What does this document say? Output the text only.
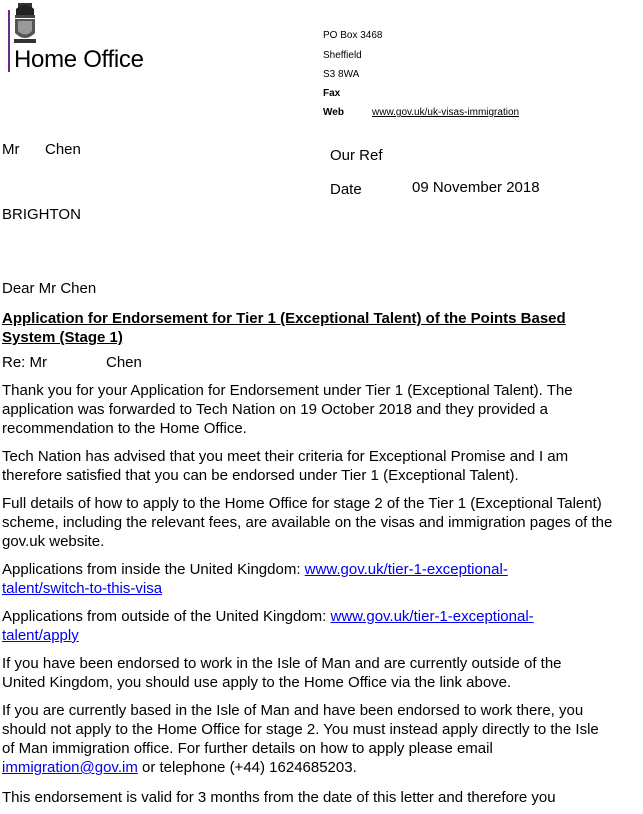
Home Office
PO Box 3468
Sheffield
S3 8WA
Fax
Web	www.gov.uk/uk-visas-immigration
Mr Chen
BRIGHTON
Our Ref
Date	09 November 2018
Dear Mr Chen
Application for Endorsement for Tier 1 (Exceptional Talent) of the Points Based System (Stage 1)
Re: Mr	Chen
Thank you for your Application for Endorsement under Tier 1 (Exceptional Talent). The application was forwarded to Tech Nation on 19 October 2018 and they provided a recommendation to the Home Office.
Tech Nation has advised that you meet their criteria for Exceptional Promise and I am therefore satisfied that you can be endorsed under Tier 1 (Exceptional Talent).
Full details of how to apply to the Home Office for stage 2 of the Tier 1 (Exceptional Talent) scheme, including the relevant fees, are available on the visas and immigration pages of the gov.uk website.
Applications from inside the United Kingdom: www.gov.uk/tier-1-exceptional-talent/switch-to-this-visa
Applications from outside of the United Kingdom: www.gov.uk/tier-1-exceptional-talent/apply
If you have been endorsed to work in the Isle of Man and are currently outside of the United Kingdom, you should use apply to the Home Office via the link above.
If you are currently based in the Isle of Man and have been endorsed to work there, you should not apply to the Home Office for stage 2. You must instead apply directly to the Isle of Man immigration office. For further details on how to apply please email immigration@gov.im or telephone (+44) 1624685203.
This endorsement is valid for 3 months from the date of this letter and therefore you
